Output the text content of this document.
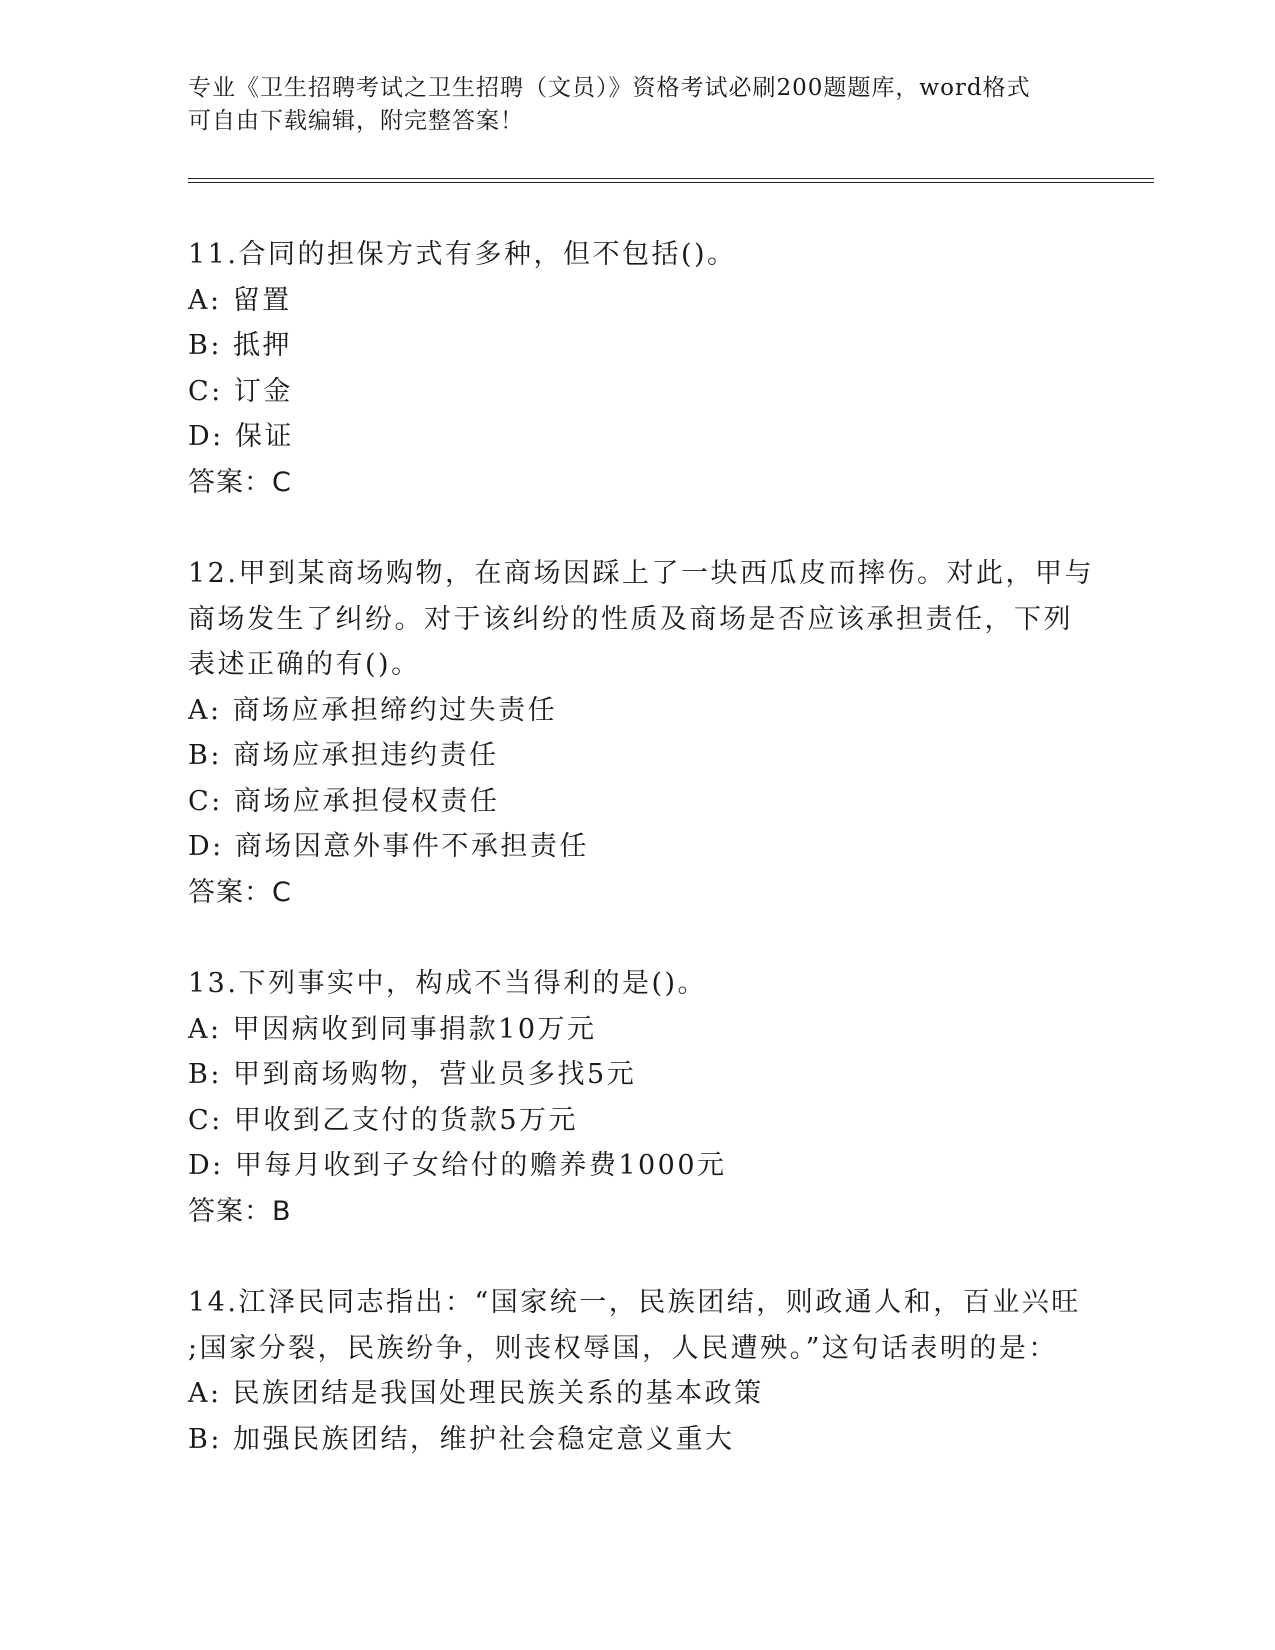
专业《卫生招聘考试之卫生招聘（文员）》资格考试必刷200题题库，word格式
可自由下载编辑，附完整答案！
11.合同的担保方式有多种，但不包括()。
A: 留置
B: 抵押
C: 订金
D: 保证
答案：C
12.甲到某商场购物，在商场因踩上了一块西瓜皮而摔伤。对此，甲与
商场发生了纠纷。对于该纠纷的性质及商场是否应该承担责任，下列
表述正确的有()。
A: 商场应承担缔约过失责任
B: 商场应承担违约责任
C: 商场应承担侵权责任
D: 商场因意外事件不承担责任
答案：C
13.下列事实中，构成不当得利的是()。
A: 甲因病收到同事捐款10万元
B: 甲到商场购物，营业员多找5元
C: 甲收到乙支付的货款5万元
D: 甲每月收到子女给付的赡养费1000元
答案：B
14.江泽民同志指出：“国家统一，民族团结，则政通人和，百业兴旺
;国家分裂，民族纷争，则丧权辱国，人民遭殃。”这句话表明的是：
A: 民族团结是我国处理民族关系的基本政策
B: 加强民族团结，维护社会稳定意义重大
